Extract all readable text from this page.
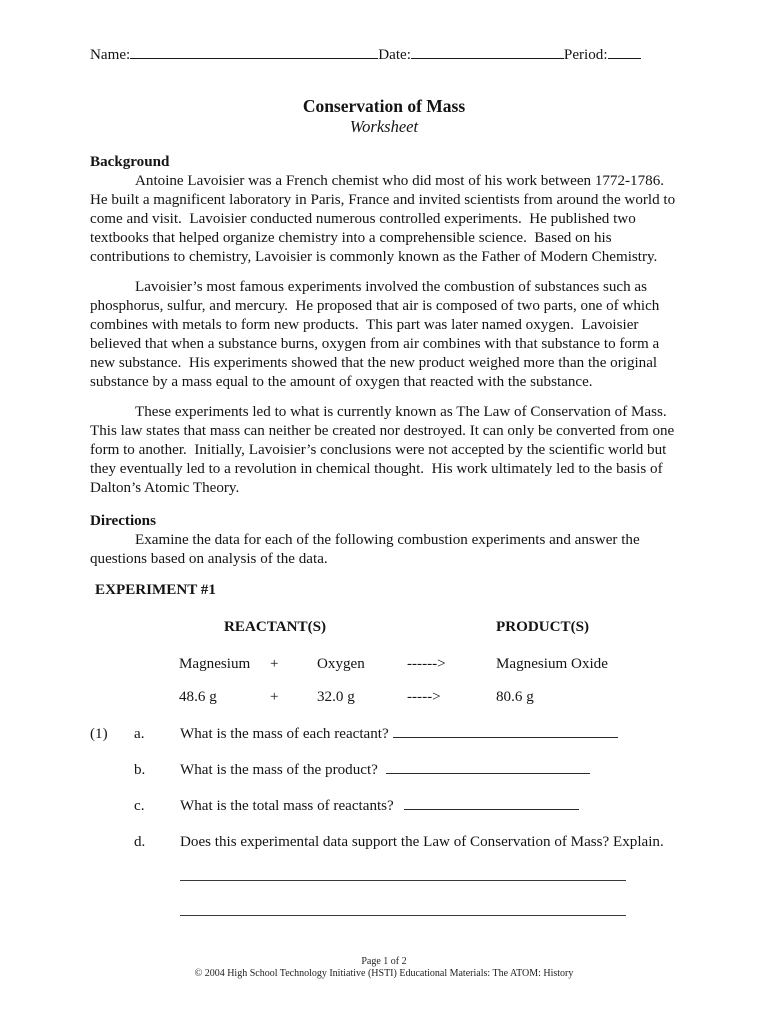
Name:	Date:	Period:
Conservation of Mass
Worksheet
Background
Antoine Lavoisier was a French chemist who did most of his work between 1772-1786. He built a magnificent laboratory in Paris, France and invited scientists from around the world to come and visit.  Lavoisier conducted numerous controlled experiments.  He published two textbooks that helped organize chemistry into a comprehensible science.  Based on his contributions to chemistry, Lavoisier is commonly known as the Father of Modern Chemistry.
Lavoisier’s most famous experiments involved the combustion of substances such as phosphorus, sulfur, and mercury.  He proposed that air is composed of two parts, one of which combines with metals to form new products.  This part was later named oxygen.  Lavoisier believed that when a substance burns, oxygen from air combines with that substance to form a new substance.  His experiments showed that the new product weighed more than the original substance by a mass equal to the amount of oxygen that reacted with the substance.
These experiments led to what is currently known as The Law of Conservation of Mass. This law states that mass can neither be created nor destroyed. It can only be converted from one form to another.  Initially, Lavoisier’s conclusions were not accepted by the scientific world but they eventually led to a revolution in chemical thought.  His work ultimately led to the basis of Dalton’s Atomic Theory.
Directions
Examine the data for each of the following combustion experiments and answer the questions based on analysis of the data.
EXPERIMENT #1
REACTANT(S)	PRODUCT(S)
Magnesium	+	Oxygen	------>	Magnesium Oxide
48.6 g	+	32.0 g	----->	80.6 g
(1)	a.	What is the mass of each reactant?
b.	What is the mass of the product?
c.	What is the total mass of reactants?
d.	Does this experimental data support the Law of Conservation of Mass? Explain.
Page 1 of 2
© 2004 High School Technology Initiative (HSTI) Educational Materials: The ATOM: History
